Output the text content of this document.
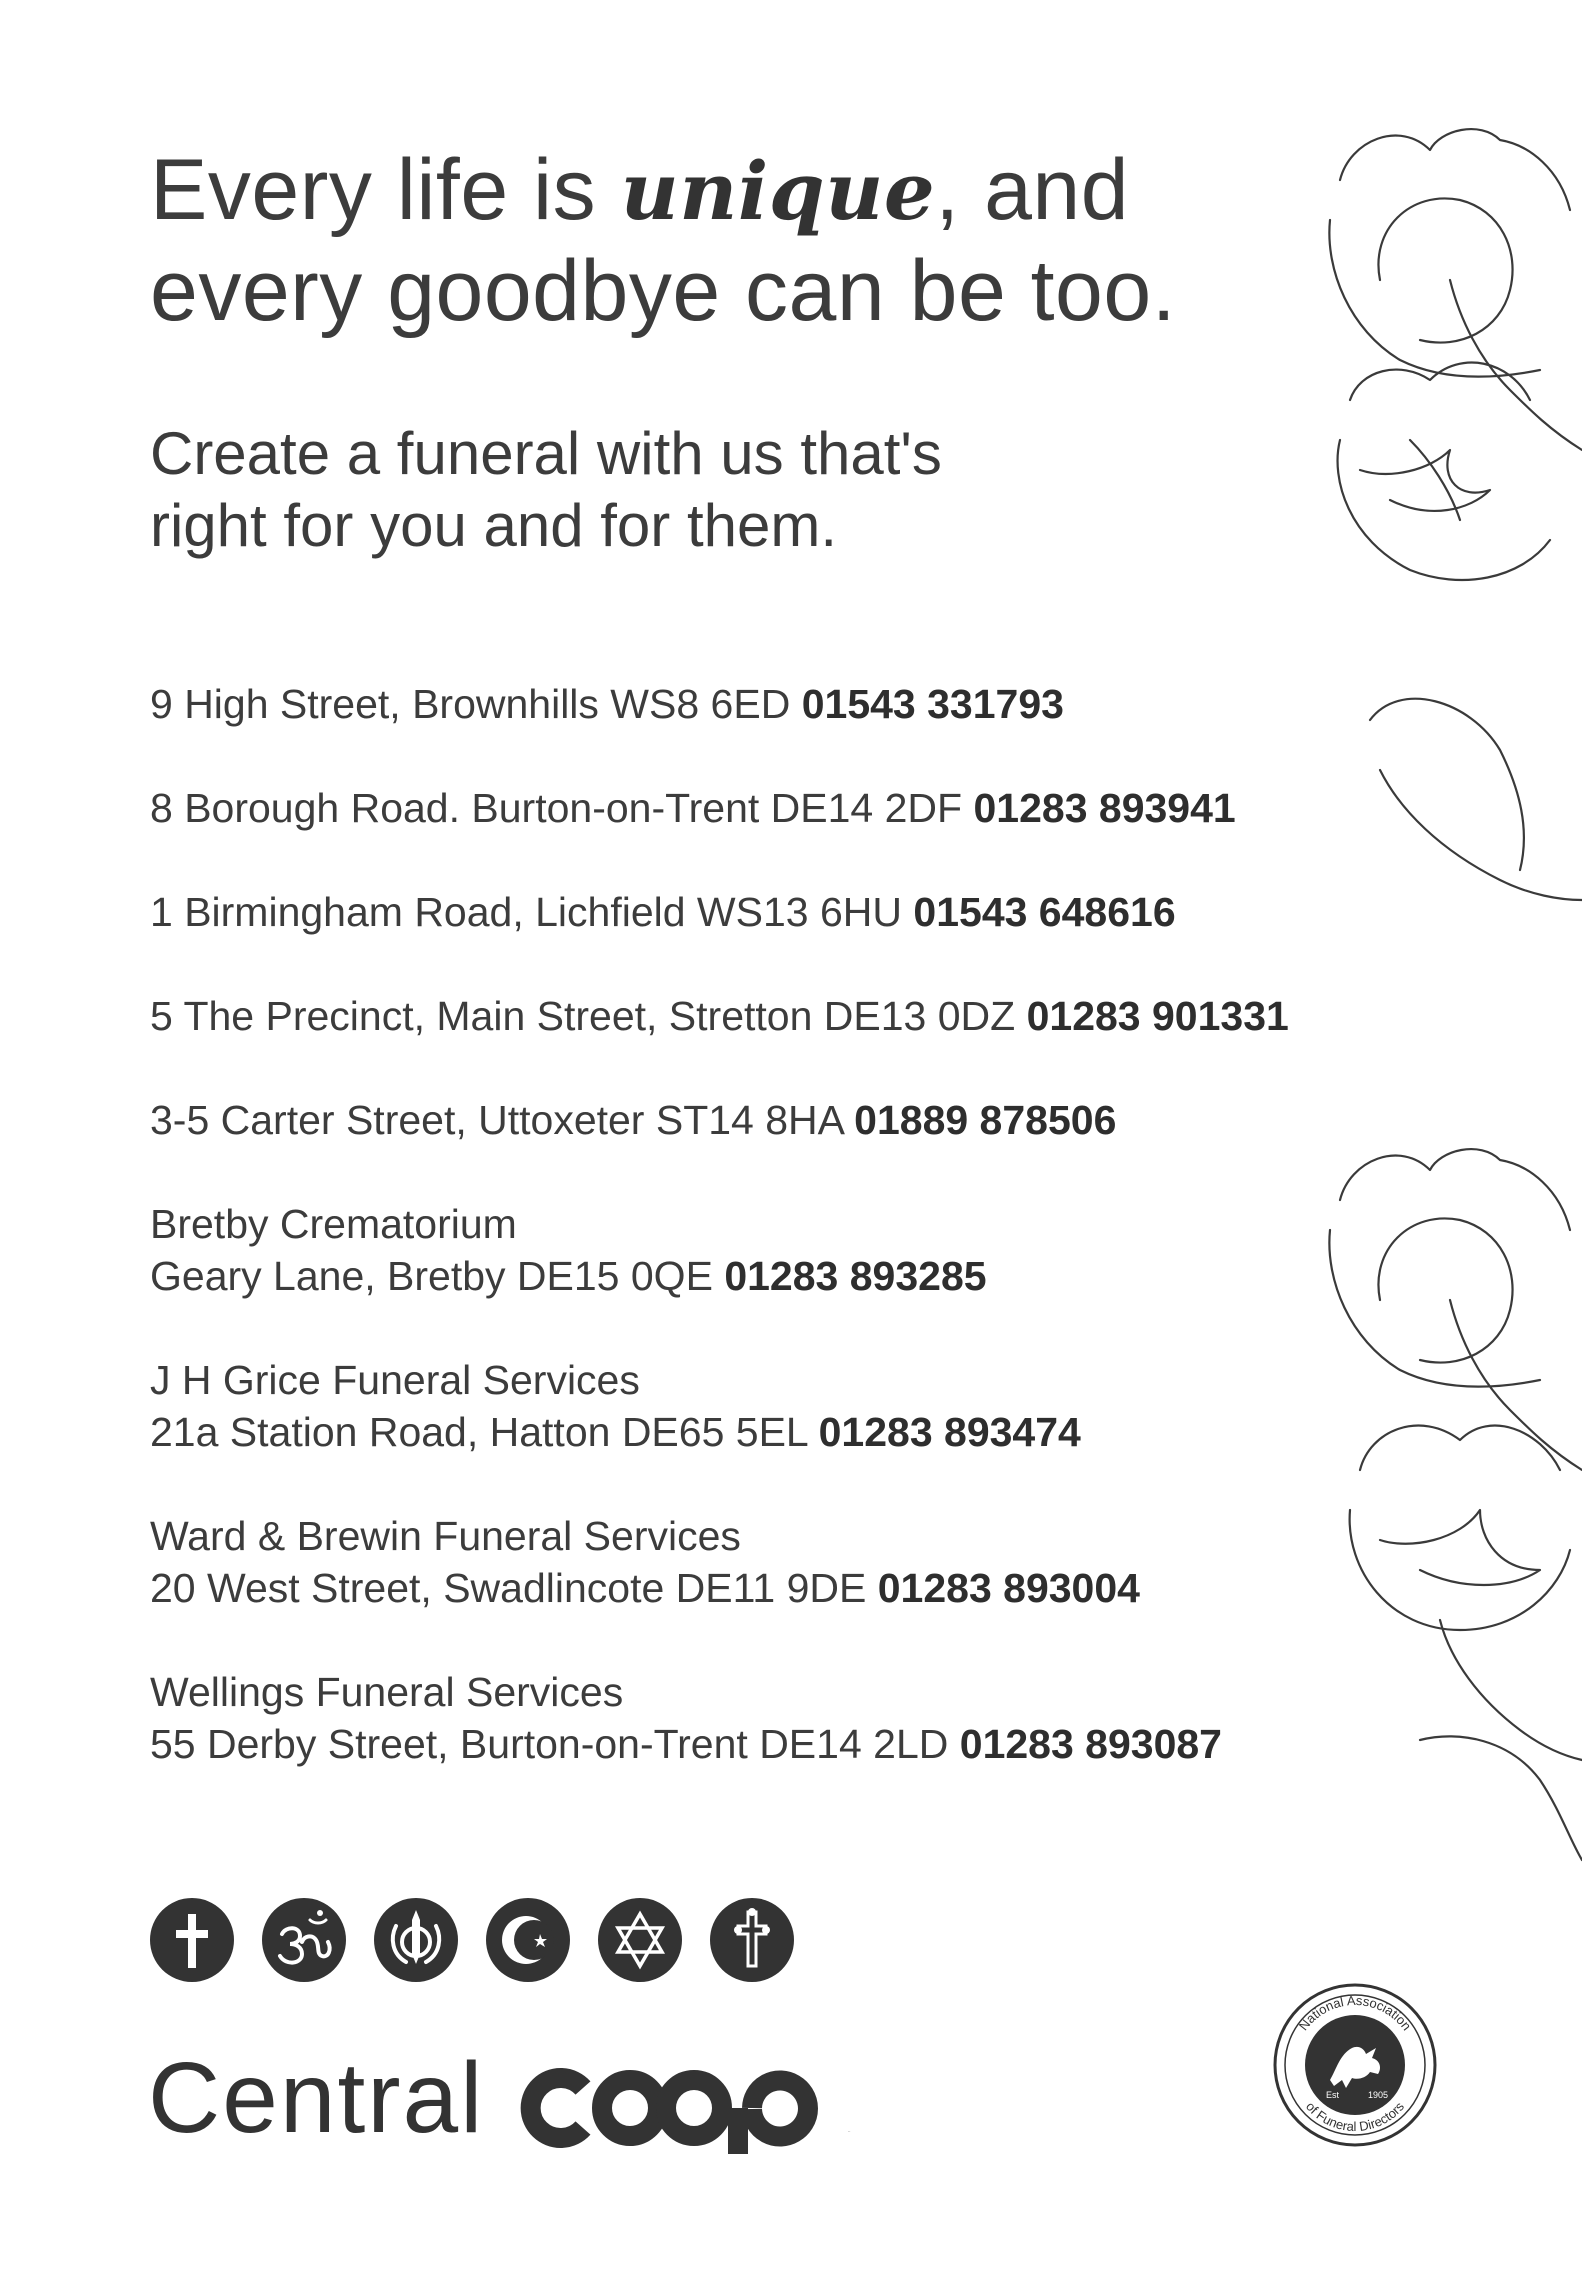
Every life is unique, and
every goodbye can be too.

Create a funeral with us that's
right for you and for them.

9 High Street, Brownhills WS8 6ED 01543 331793
8 Borough Road. Burton-on-Trent DE14 2DF 01283 893941
1 Birmingham Road, Lichfield WS13 6HU 01543 648616
5 The Precinct, Main Street, Stretton DE13 0DZ 01283 901331
3-5 Carter Street, Uttoxeter ST14 8HA 01889 878506
Bretby Crematorium
Geary Lane, Bretby DE15 0QE 01283 893285
J H Grice Funeral Services
21a Station Road, Hatton DE65 5EL 01283 893474
Ward & Brewin Funeral Services
20 West Street, Swadlincote DE11 9DE 01283 893004
Wellings Funeral Services
55 Derby Street, Burton-on-Trent DE14 2LD 01283 893087
Central	coop
National Association
of Funeral Directors
Est	1905
